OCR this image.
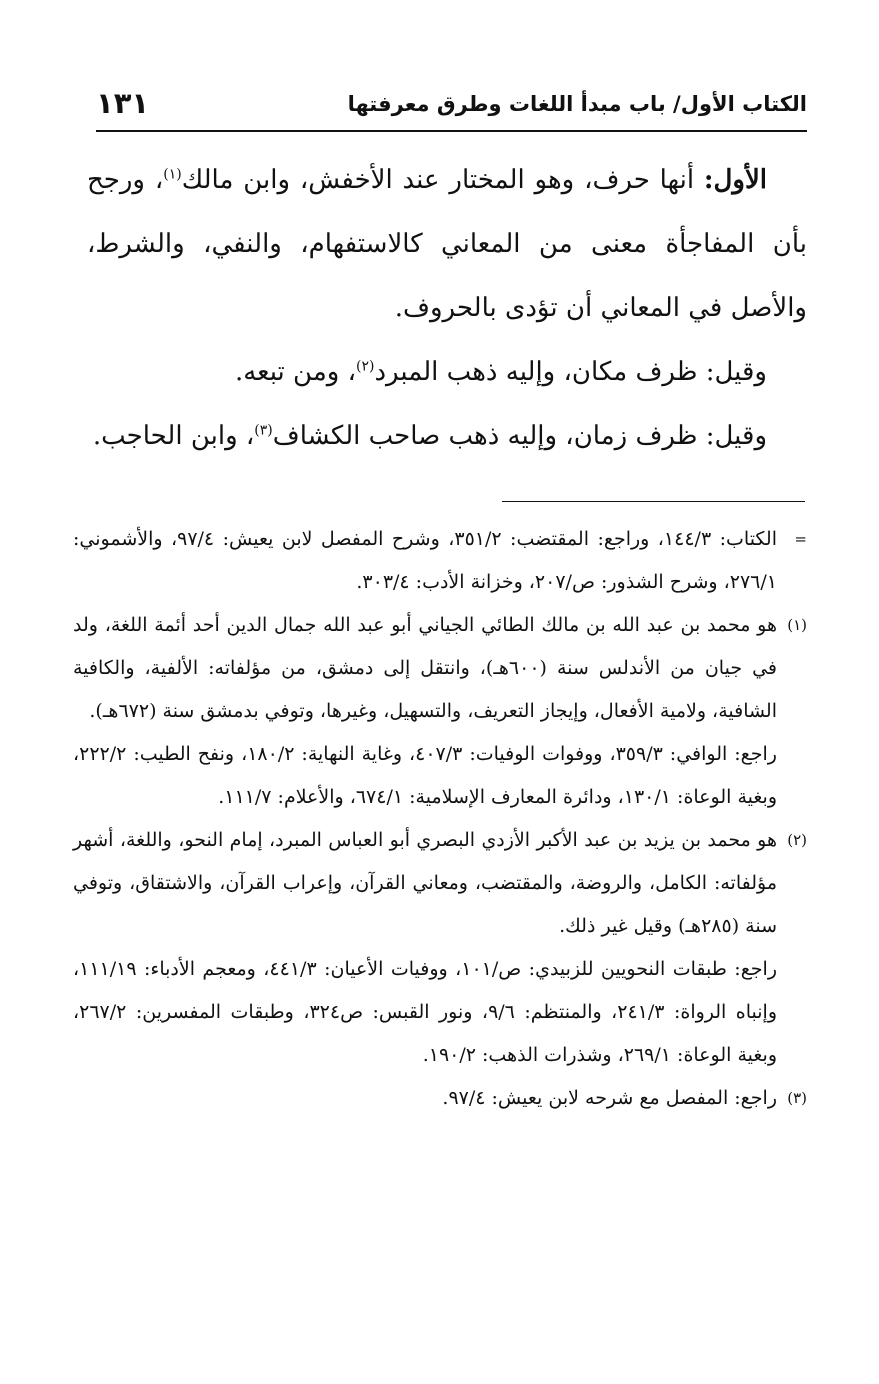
الكتاب الأول/ باب مبدأ اللغات وطرق معرفتها
١٣١

الأول: أنها حرف، وهو المختار عند الأخفش، وابن مالك$^{(١)}$، ورجح بأن المفاجأة معنى من المعاني كالاستفهام، والنفي، والشرط، والأصل في المعاني أن تؤدى بالحروف.

وقيل: ظرف مكان، وإليه ذهب المبرد$^{(٢)}$، ومن تبعه.

وقيل: ظرف زمان، وإليه ذهب صاحب الكشاف$^{(٣)}$، وابن الحاجب.

=
الكتاب: ١٤٤/٣، وراجع: المقتضب: ٣٥١/٢، وشرح المفصل لابن يعيش: ٩٧/٤، والأشموني: ٢٧٦/١، وشرح الشذور: ص/٢٠٧، وخزانة الأدب: ٣٠٣/٤.
(١)
هو محمد بن عبد الله بن مالك الطائي الجياني أبو عبد الله جمال الدين أحد أئمة اللغة، ولد في جيان من الأندلس سنة (٦٠٠هـ)، وانتقل إلى دمشق، من مؤلفاته: الألفية، والكافية الشافية، ولامية الأفعال، وإيجاز التعريف، والتسهيل، وغيرها، وتوفي بدمشق سنة (٦٧٢هـ).
راجع: الوافي: ٣٥٩/٣، ووفوات الوفيات: ٤٠٧/٣، وغاية النهاية: ١٨٠/٢، ونفح الطيب: ٢٢٢/٢، وبغية الوعاة: ١٣٠/١، ودائرة المعارف الإسلامية: ٦٧٤/١، والأعلام: ١١١/٧.
(٢)
هو محمد بن يزيد بن عبد الأكبر الأزدي البصري أبو العباس المبرد، إمام النحو، واللغة، أشهر مؤلفاته: الكامل، والروضة، والمقتضب، ومعاني القرآن، وإعراب القرآن، والاشتقاق، وتوفي سنة (٢٨٥هـ) وقيل غير ذلك.
راجع: طبقات النحويين للزبيدي: ص/١٠١، ووفيات الأعيان: ٤٤١/٣، ومعجم الأدباء: ١١١/١٩، وإنباه الرواة: ٢٤١/٣، والمنتظم: ٩/٦، ونور القبس: ص٣٢٤، وطبقات المفسرين: ٢٦٧/٢، وبغية الوعاة: ٢٦٩/١، وشذرات الذهب: ١٩٠/٢.
(٣)
راجع: المفصل مع شرحه لابن يعيش: ٩٧/٤.
